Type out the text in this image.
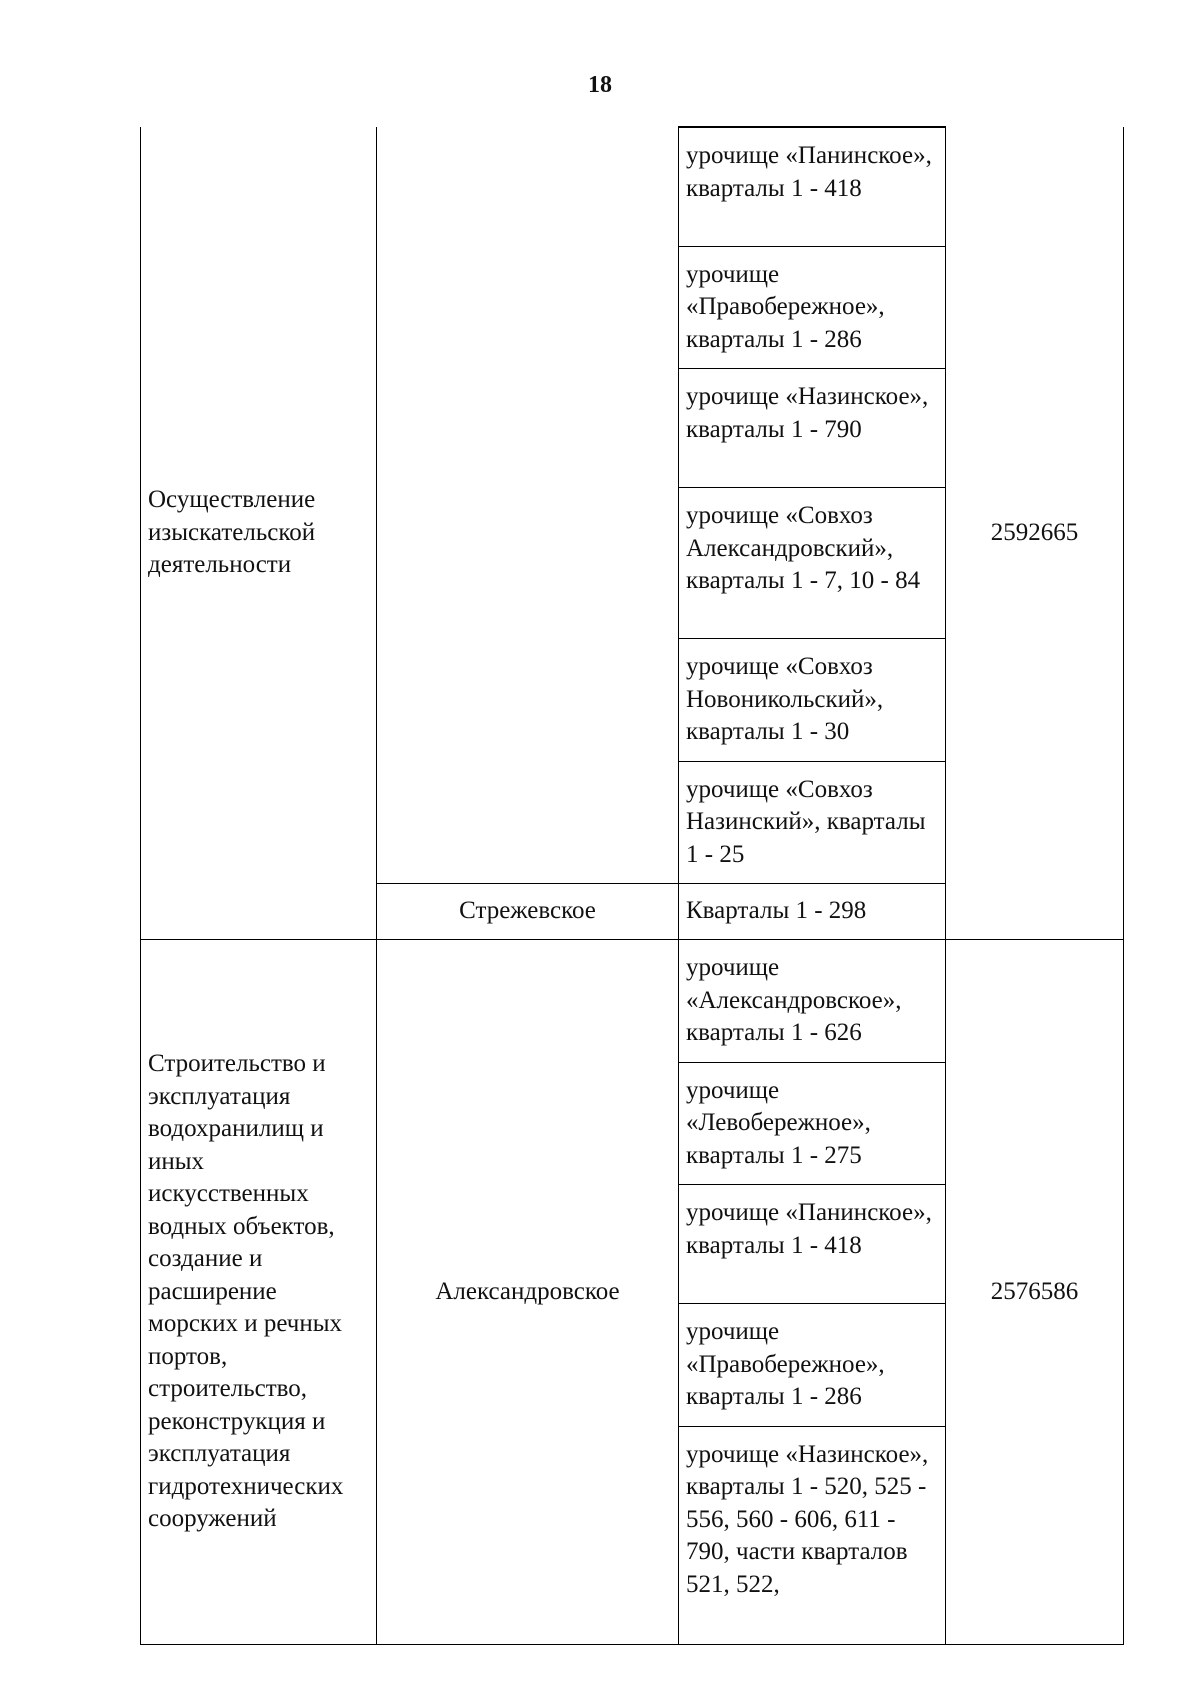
18
Осуществление изыскательской деятельности		урочище «Панинское», кварталы 1 - 418	2592665
		урочище «Правобережное», кварталы 1 - 286	
		урочище «Назинское», кварталы 1 - 790	
		урочище «Совхоз Александровский», кварталы 1 - 7, 10 - 84	
		урочище «Совхоз Новоникольский», кварталы 1 - 30	
		урочище «Совхоз Назинский», кварталы 1 - 25	
	Стрежевское	Кварталы 1 - 298	
Строительство и эксплуатация водохранилищ и иных искусственных водных объектов, создание и расширение морских и речных портов, строительство, реконструкция и эксплуатация гидротехнических сооружений	Александровское	урочище «Александровское», кварталы 1 - 626	2576586
		урочище «Левобережное», кварталы 1 - 275	
		урочище «Панинское», кварталы 1 - 418	
		урочище «Правобережное», кварталы 1 - 286	
		урочище «Назинское», кварталы 1 - 520, 525 - 556, 560 - 606, 611 - 790, части кварталов 521, 522,	
